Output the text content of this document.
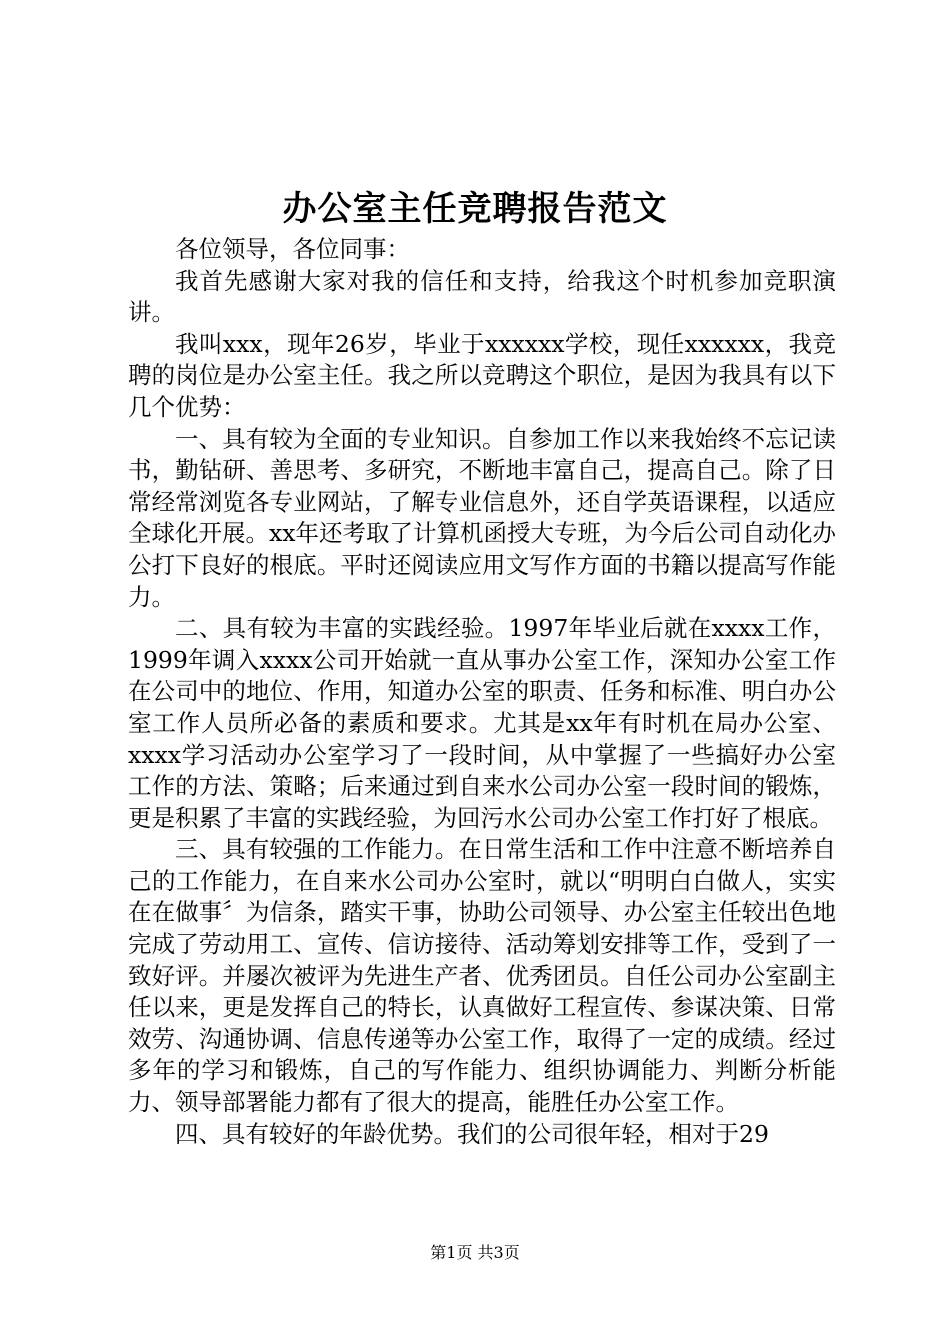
办公室主任竞聘报告范文

各位领导，各位同事：

我首先感谢大家对我的信任和支持，给我这个时机参加竞职演讲。

我叫xxx，现年26岁，毕业于xxxxxx学校，现任xxxxxx，我竞聘的岗位是办公室主任。我之所以竞聘这个职位，是因为我具有以下几个优势：

一、具有较为全面的专业知识。自参加工作以来我始终不忘记读书，勤钻研、善思考、多研究，不断地丰富自己，提高自己。除了日常经常浏览各专业网站，了解专业信息外，还自学英语课程，以适应全球化开展。xx年还考取了计算机函授大专班，为今后公司自动化办公打下良好的根底。平时还阅读应用文写作方面的书籍以提高写作能力。

二、具有较为丰富的实践经验。1997年毕业后就在xxxx工作，1999年调入xxxx公司开始就一直从事办公室工作，深知办公室工作在公司中的地位、作用，知道办公室的职责、任务和标准、明白办公室工作人员所必备的素质和要求。尤其是xx年有时机在局办公室、xxxx学习活动办公室学习了一段时间，从中掌握了一些搞好办公室工作的方法、策略；后来通过到自来水公司办公室一段时间的锻炼，更是积累了丰富的实践经验，为回污水公司办公室工作打好了根底。

三、具有较强的工作能力。在日常生活和工作中注意不断培养自己的工作能力，在自来水公司办公室时，就以“明明白白做人，实实在在做事〞为信条，踏实干事，协助公司领导、办公室主任较出色地完成了劳动用工、宣传、信访接待、活动筹划安排等工作，受到了一致好评。并屡次被评为先进生产者、优秀团员。自任公司办公室副主任以来，更是发挥自己的特长，认真做好工程宣传、参谋决策、日常效劳、沟通协调、信息传递等办公室工作，取得了一定的成绩。经过多年的学习和锻炼，自己的写作能力、组织协调能力、判断分析能力、领导部署能力都有了很大的提高，能胜任办公室工作。

四、具有较好的年龄优势。我们的公司很年轻，相对于29

第1页 共3页
